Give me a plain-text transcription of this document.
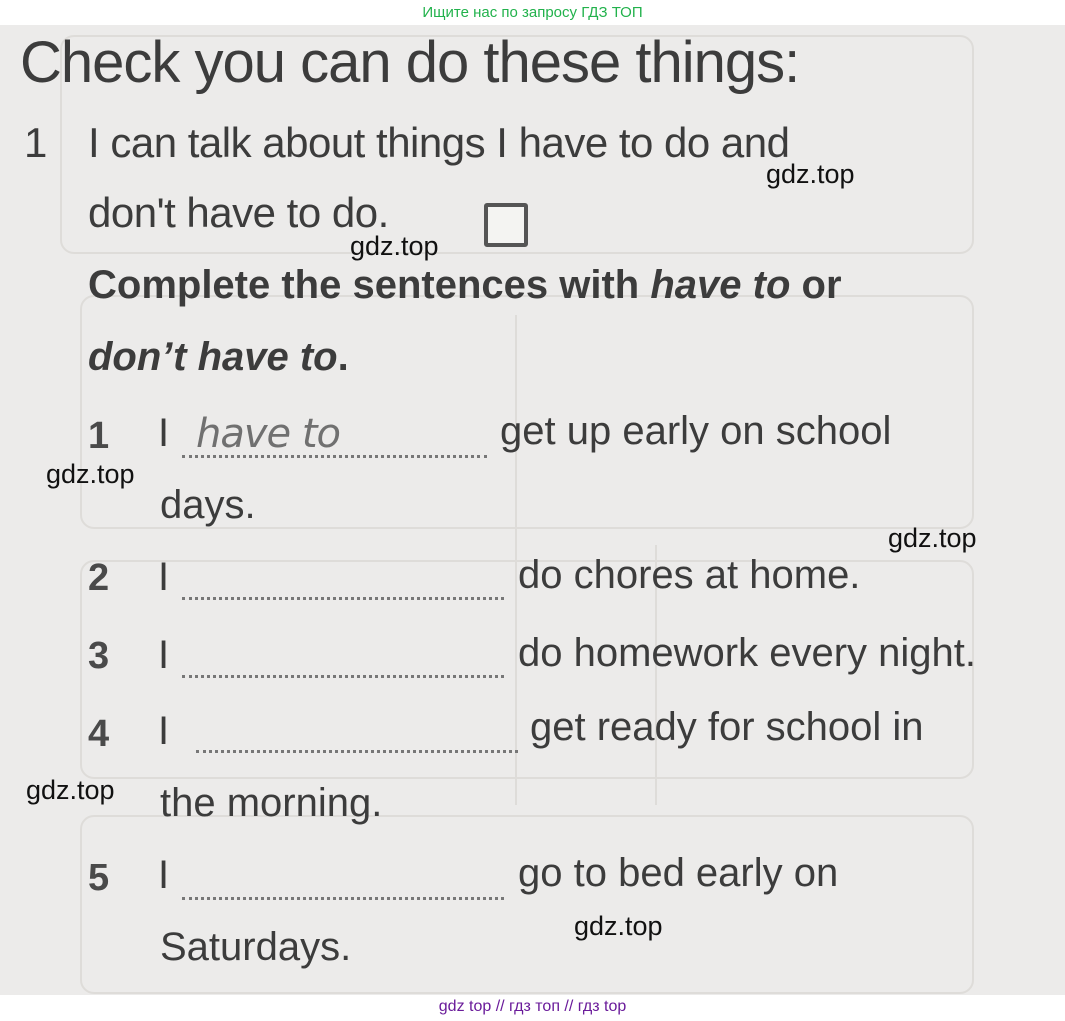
Ищите нас по запросу ГДЗ ТОП
Check you can do these things:
1 I can talk about things I have to do and
don't have to do.
Complete the sentences with have to or
don’t have to.
1 I have to	get up early on school
days.
2 I	do chores at home.
3 I	do homework every night.
4 I	get ready for school in
the morning.
5 I	go to bed early on
Saturdays.
gdz.top
gdz.top
gdz.top
gdz.top
gdz.top
gdz.top
gdz top // гдз топ // гдз top
